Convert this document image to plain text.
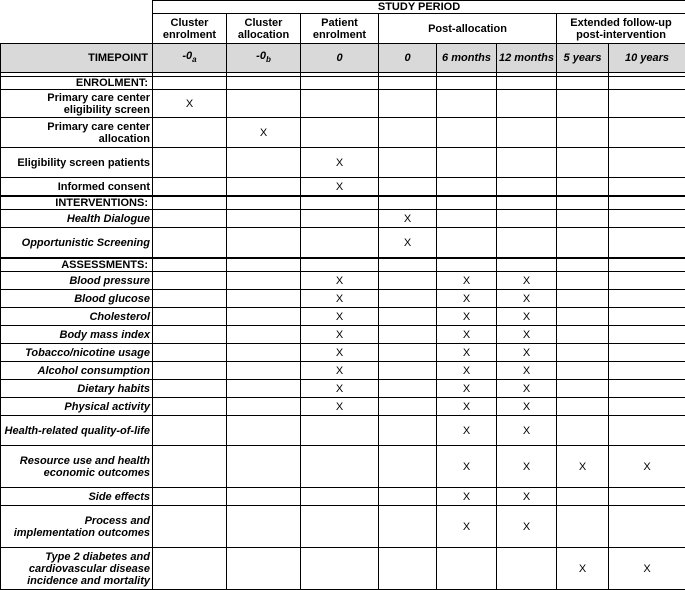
	STUDY PERIOD							
	Cluster enrolment	Cluster allocation	Patient enrolment	Post-allocation			Extended follow-up post-intervention	
TIMEPOINT	$-0_a$	$-0_b$	0	0	6 months	12 months	5 years	10 years

ENROLMENT:								
Primary care center eligibility screen	X							
Primary care center allocation		X						
Eligibility screen patients			X					
Informed consent			X					
INTERVENTIONS:								
Health Dialogue				X				
Opportunistic Screening				X				
ASSESSMENTS:								
Blood pressure			X		X	X		
Blood glucose			X		X	X		
Cholesterol			X		X	X		
Body mass index			X		X	X		
Tobacco/nicotine usage			X		X	X		
Alcohol consumption			X		X	X		
Dietary habits			X		X	X		
Physical activity			X		X	X		
Health-related quality-of-life					X	X		
Resource use and health economic outcomes					X	X	X	X
Side effects					X	X		
Process and implementation outcomes					X	X		
Type 2 diabetes and cardiovascular disease incidence and mortality							X	X
